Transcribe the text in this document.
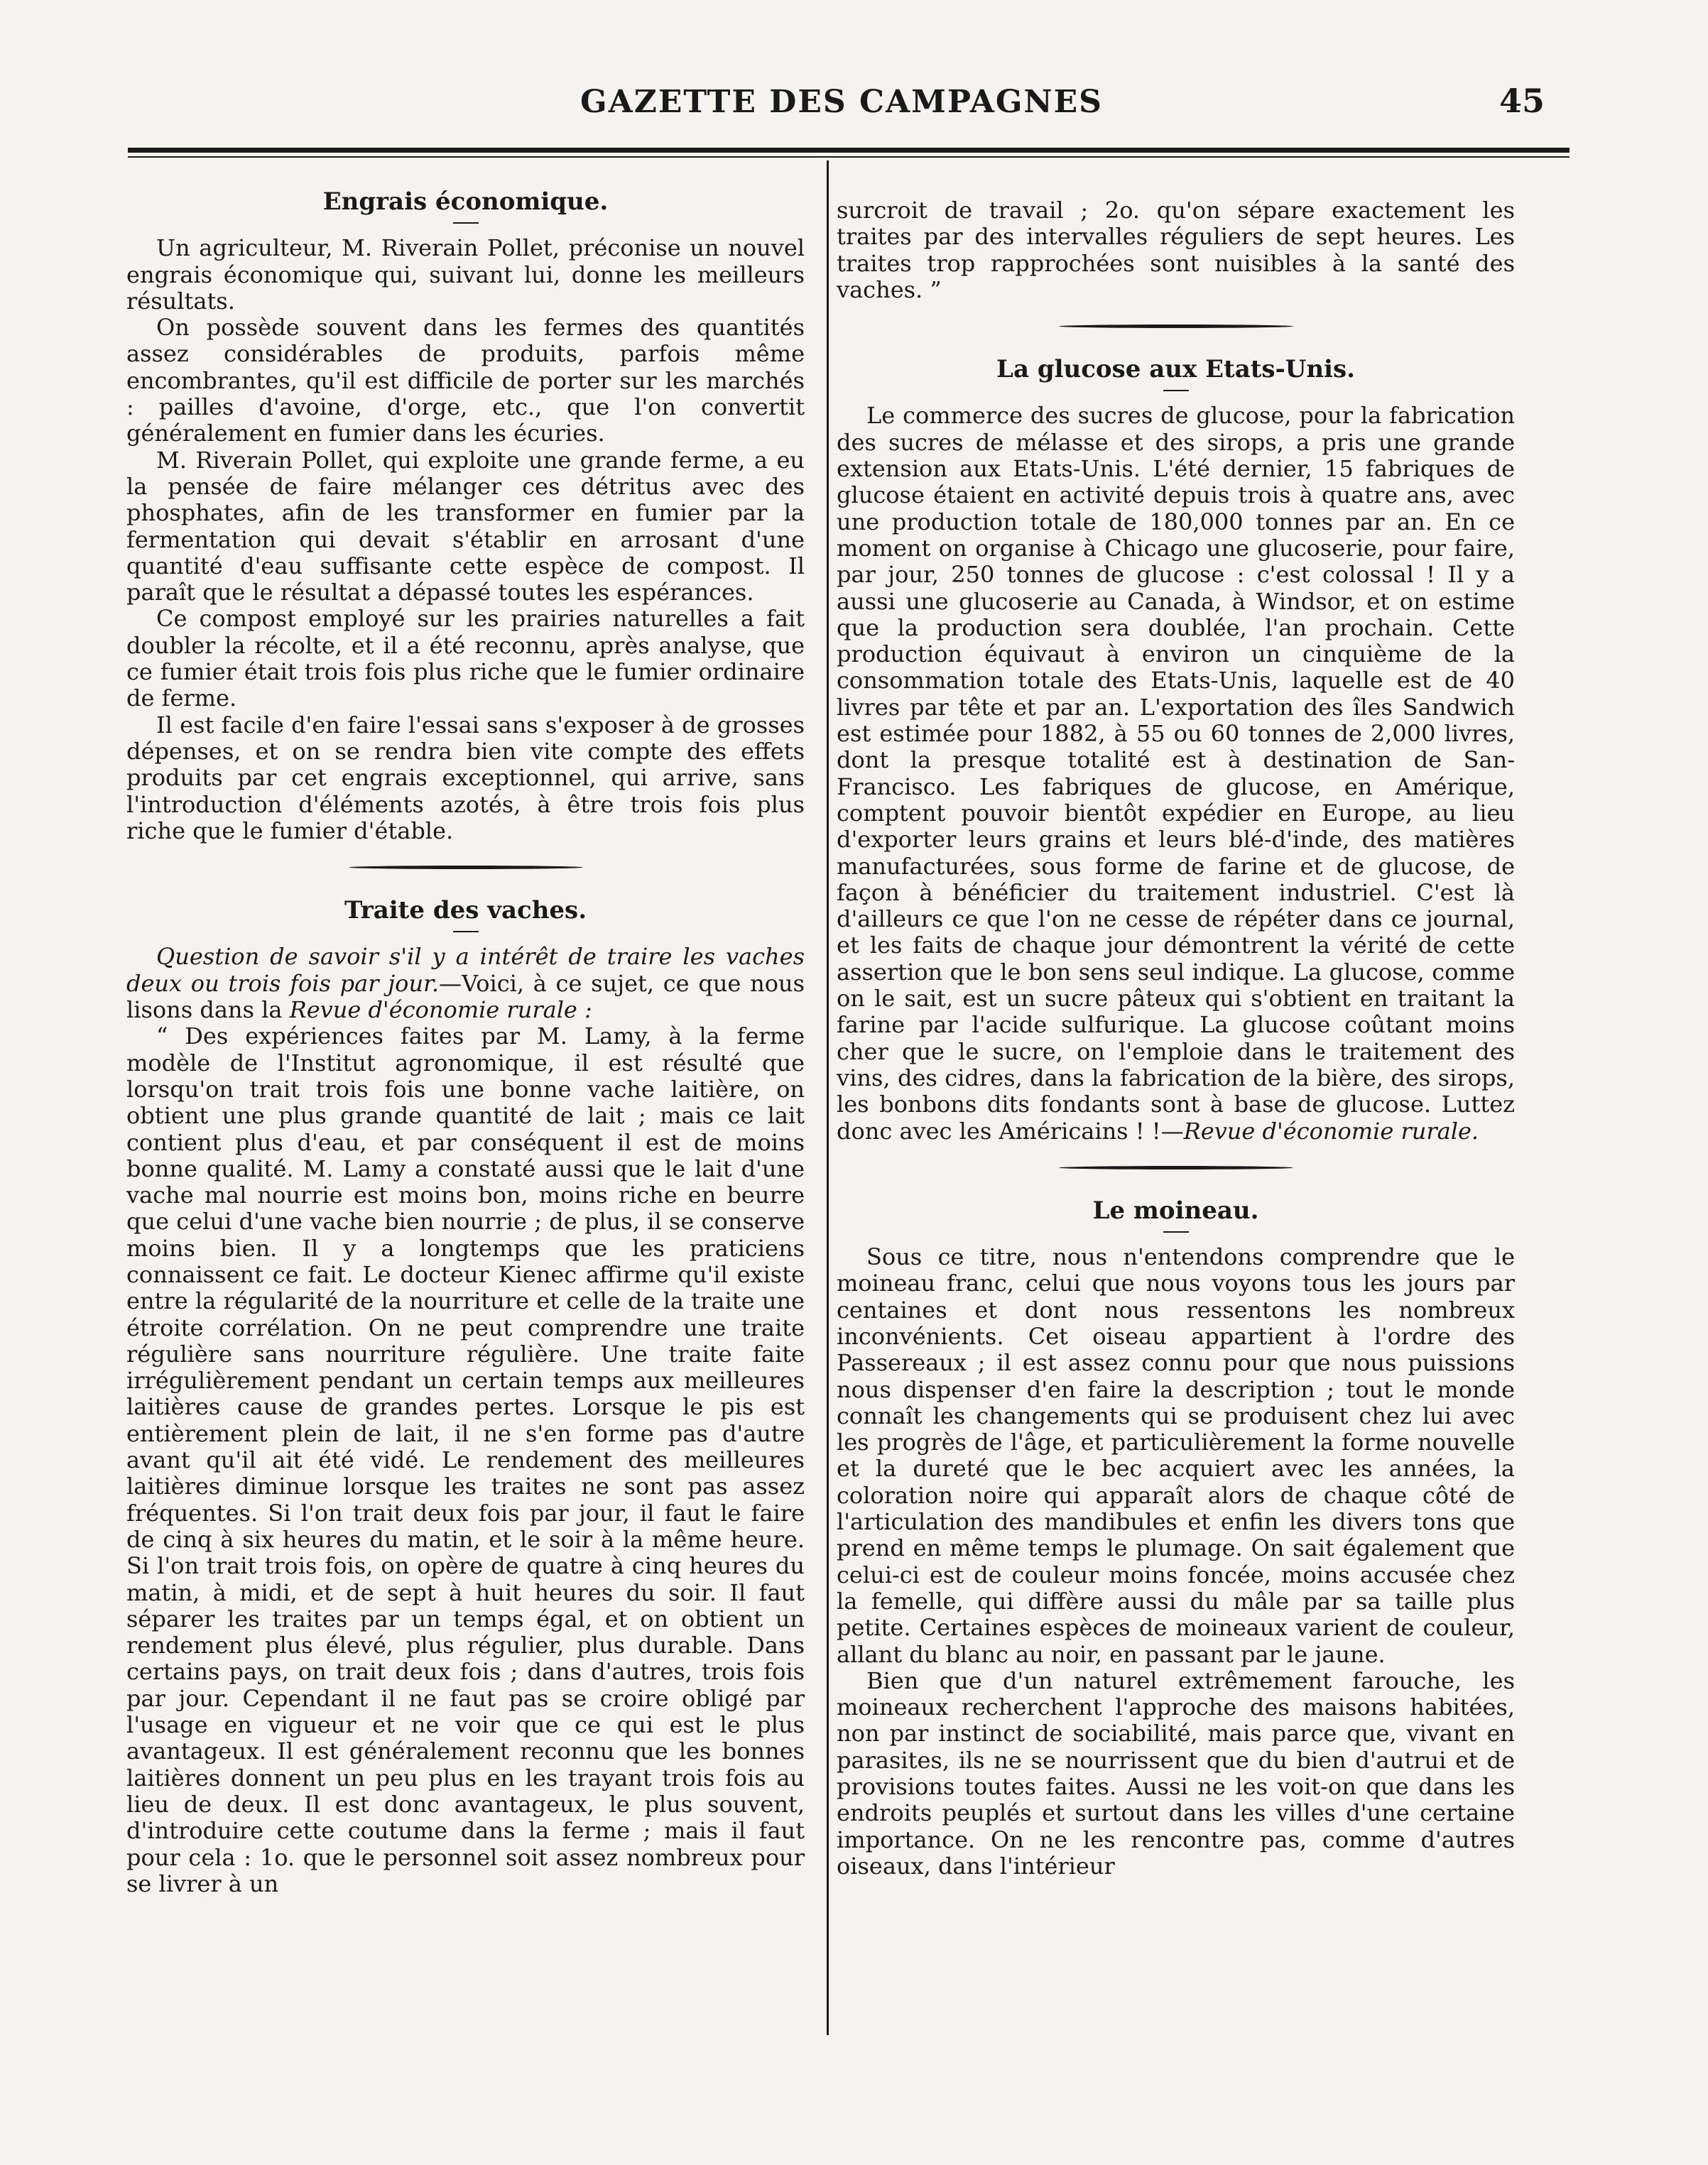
GAZETTE DES CAMPAGNES	45
Engrais économique.

Un agriculteur, M. Riverain Pollet, préconise un nouvel engrais économique qui, suivant lui, donne les meilleurs résultats.

On possède souvent dans les fermes des quantités assez considérables de produits, parfois même encombrantes, qu'il est difficile de porter sur les marchés : pailles d'avoine, d'orge, etc., que l'on convertit généralement en fumier dans les écuries.

M. Riverain Pollet, qui exploite une grande ferme, a eu la pensée de faire mélanger ces détritus avec des phosphates, afin de les transformer en fumier par la fermentation qui devait s'établir en arrosant d'une quantité d'eau suffisante cette espèce de compost. Il paraît que le résultat a dépassé toutes les espérances.

Ce compost employé sur les prairies naturelles a fait doubler la récolte, et il a été reconnu, après analyse, que ce fumier était trois fois plus riche que le fumier ordinaire de ferme.

Il est facile d'en faire l'essai sans s'exposer à de grosses dépenses, et on se rendra bien vite compte des effets produits par cet engrais exceptionnel, qui arrive, sans l'introduction d'éléments azotés, à être trois fois plus riche que le fumier d'étable.

Traite des vaches.

Question de savoir s'il y a intérêt de traire les vaches deux ou trois fois par jour.—Voici, à ce sujet, ce que nous lisons dans la Revue d'économie rurale :

“ Des expériences faites par M. Lamy, à la ferme modèle de l'Institut agronomique, il est résulté que lorsqu'on trait trois fois une bonne vache laitière, on obtient une plus grande quantité de lait ; mais ce lait contient plus d'eau, et par conséquent il est de moins bonne qualité. M. Lamy a constaté aussi que le lait d'une vache mal nourrie est moins bon, moins riche en beurre que celui d'une vache bien nourrie ; de plus, il se conserve moins bien. Il y a longtemps que les praticiens connaissent ce fait. Le docteur Kienec affirme qu'il existe entre la régularité de la nourriture et celle de la traite une étroite corrélation. On ne peut comprendre une traite régulière sans nourriture régulière. Une traite faite irrégulièrement pendant un certain temps aux meilleures laitières cause de grandes pertes. Lorsque le pis est entièrement plein de lait, il ne s'en forme pas d'autre avant qu'il ait été vidé. Le rendement des meilleures laitières diminue lorsque les traites ne sont pas assez fréquentes. Si l'on trait deux fois par jour, il faut le faire de cinq à six heures du matin, et le soir à la même heure. Si l'on trait trois fois, on opère de quatre à cinq heures du matin, à midi, et de sept à huit heures du soir. Il faut séparer les traites par un temps égal, et on obtient un rendement plus élevé, plus régulier, plus durable. Dans certains pays, on trait deux fois ; dans d'autres, trois fois par jour. Cependant il ne faut pas se croire obligé par l'usage en vigueur et ne voir que ce qui est le plus avantageux. Il est généralement reconnu que les bonnes laitières donnent un peu plus en les trayant trois fois au lieu de deux. Il est donc avantageux, le plus souvent, d'introduire cette coutume dans la ferme ; mais il faut pour cela : 1o. que le personnel soit assez nombreux pour se livrer à un

surcroit de travail ; 2o. qu'on sépare exactement les traites par des intervalles réguliers de sept heures. Les traites trop rapprochées sont nuisibles à la santé des vaches. ”

La glucose aux Etats-Unis.

Le commerce des sucres de glucose, pour la fabrication des sucres de mélasse et des sirops, a pris une grande extension aux Etats-Unis. L'été dernier, 15 fabriques de glucose étaient en activité depuis trois à quatre ans, avec une production totale de 180,000 tonnes par an. En ce moment on organise à Chicago une glucoserie, pour faire, par jour, 250 tonnes de glucose : c'est colossal ! Il y a aussi une glucoserie au Canada, à Windsor, et on estime que la production sera doublée, l'an prochain. Cette production équivaut à environ un cinquième de la consommation totale des Etats-Unis, laquelle est de 40 livres par tête et par an. L'exportation des îles Sandwich est estimée pour 1882, à 55 ou 60 tonnes de 2,000 livres, dont la presque totalité est à destination de San-Francisco. Les fabriques de glucose, en Amérique, comptent pouvoir bientôt expédier en Europe, au lieu d'exporter leurs grains et leurs blé-d'inde, des matières manufacturées, sous forme de farine et de glucose, de façon à bénéficier du traitement industriel. C'est là d'ailleurs ce que l'on ne cesse de répéter dans ce journal, et les faits de chaque jour démontrent la vérité de cette assertion que le bon sens seul indique. La glucose, comme on le sait, est un sucre pâteux qui s'obtient en traitant la farine par l'acide sulfurique. La glucose coûtant moins cher que le sucre, on l'emploie dans le traitement des vins, des cidres, dans la fabrication de la bière, des sirops, les bonbons dits fondants sont à base de glucose. Luttez donc avec les Américains ! !—Revue d'économie rurale.

Le moineau.

Sous ce titre, nous n'entendons comprendre que le moineau franc, celui que nous voyons tous les jours par centaines et dont nous ressentons les nombreux inconvénients. Cet oiseau appartient à l'ordre des Passereaux ; il est assez connu pour que nous puissions nous dispenser d'en faire la description ; tout le monde connaît les changements qui se produisent chez lui avec les progrès de l'âge, et particulièrement la forme nouvelle et la dureté que le bec acquiert avec les années, la coloration noire qui apparaît alors de chaque côté de l'articulation des mandibules et enfin les divers tons que prend en même temps le plumage. On sait également que celui-ci est de couleur moins foncée, moins accusée chez la femelle, qui diffère aussi du mâle par sa taille plus petite. Certaines espèces de moineaux varient de couleur, allant du blanc au noir, en passant par le jaune.

Bien que d'un naturel extrêmement farouche, les moineaux recherchent l'approche des maisons habitées, non par instinct de sociabilité, mais parce que, vivant en parasites, ils ne se nourrissent que du bien d'autrui et de provisions toutes faites. Aussi ne les voit-on que dans les endroits peuplés et surtout dans les villes d'une certaine importance. On ne les rencontre pas, comme d'autres oiseaux, dans l'intérieur
